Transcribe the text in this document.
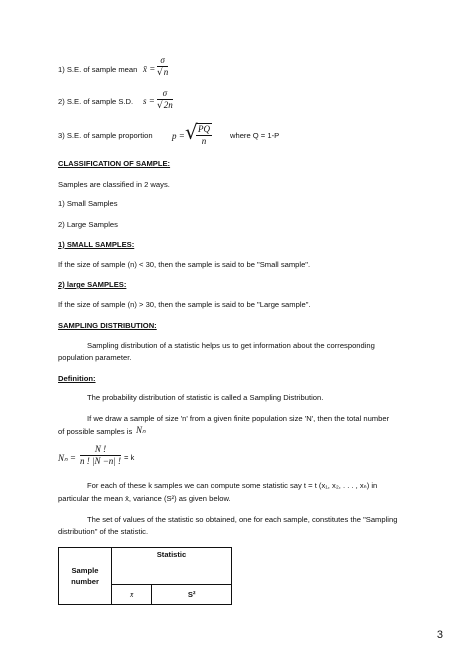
1) S.E. of sample mean x̄ = $\frac{\sigma}{√n}$
2) S.E. of sample S.D. $s = \frac{\sigma}{√2n}$
3) S.E. of sample proportion p = √
$\frac{PQ}{n}$ where Q = 1-P
CLASSIFICATION OF SAMPLE:
Samples are classified in 2 ways.
1) Small Samples
2) Large Samples
1) SMALL SAMPLES:
If the size of sample (n) < 30, then the sample is said to be "Small sample".
2) large SAMPLES:
If the size of sample (n) > 30, then the sample is said to be "Large sample".
SAMPLING DISTRIBUTION:
Sampling distribution of a statistic helps us to get information about the corresponding
population parameter.
Definition:
The probability distribution of statistic is called a Sampling Distribution.
If we draw a sample of size 'n' from a given finite population size 'N', then the total number
of possible samples is Nₙ
$N_n = \frac{N !}{n ! |N -n| !} = k$
For each of these k samples we can compute some statistic say t = t (x₁, x₂, . . . , xₙ) in
particular the mean x̄, variance (S²) as given below.
The set of values of the statistic so obtained, one for each sample, constitutes the "Sampling
distribution" of the statistic.
Sample
number	Statistic	
	x̄	S²
3
